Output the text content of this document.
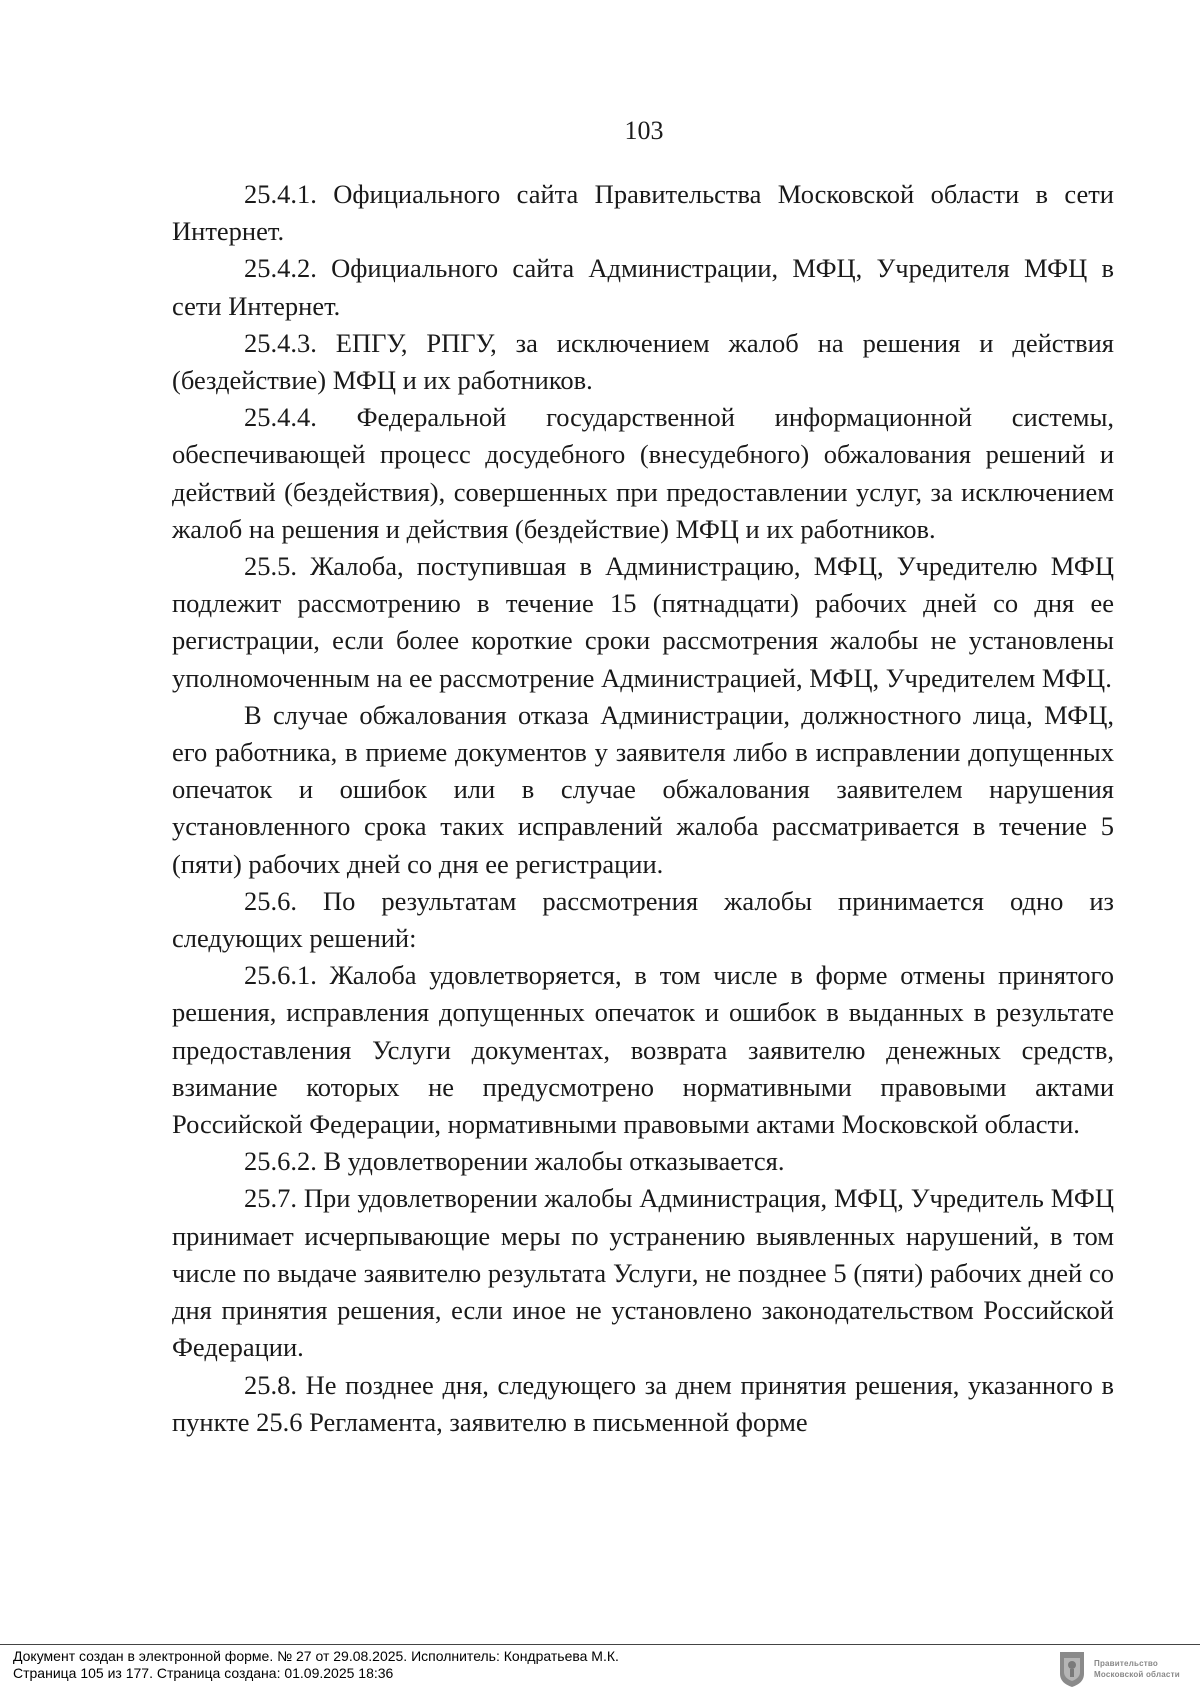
103

25.4.1. Официального сайта Правительства Московской области в сети Интернет.

25.4.2. Официального сайта Администрации, МФЦ, Учредителя МФЦ в сети Интернет.

25.4.3. ЕПГУ, РПГУ, за исключением жалоб на решения и действия (бездействие) МФЦ и их работников.

25.4.4. Федеральной государственной информационной системы, обеспечивающей процесс досудебного (внесудебного) обжалования решений и действий (бездействия), совершенных при предоставлении услуг, за исключением жалоб на решения и действия (бездействие) МФЦ и их работников.

25.5. Жалоба, поступившая в Администрацию, МФЦ, Учредителю МФЦ подлежит рассмотрению в течение 15 (пятнадцати) рабочих дней со дня ее регистрации, если более короткие сроки рассмотрения жалобы не установлены уполномоченным на ее рассмотрение Администрацией, МФЦ, Учредителем МФЦ.

В случае обжалования отказа Администрации, должностного лица, МФЦ, его работника, в приеме документов у заявителя либо в исправлении допущенных опечаток и ошибок или в случае обжалования заявителем нарушения установленного срока таких исправлений жалоба рассматривается в течение 5 (пяти) рабочих дней со дня ее регистрации.

25.6. По результатам рассмотрения жалобы принимается одно из следующих решений:

25.6.1. Жалоба удовлетворяется, в том числе в форме отмены принятого решения, исправления допущенных опечаток и ошибок в выданных в результате предоставления Услуги документах, возврата заявителю денежных средств, взимание которых не предусмотрено нормативными правовыми актами Российской Федерации, нормативными правовыми актами Московской области.

25.6.2. В удовлетворении жалобы отказывается.

25.7. При удовлетворении жалобы Администрация, МФЦ, Учредитель МФЦ принимает исчерпывающие меры по устранению выявленных нарушений, в том числе по выдаче заявителю результата Услуги, не позднее 5 (пяти) рабочих дней со дня принятия решения, если иное не установлено законодательством Российской Федерации.

25.8. Не позднее дня, следующего за днем принятия решения, указанного в пункте 25.6 Регламента, заявителю в письменной форме

Документ создан в электронной форме. № 27 от 29.08.2025. Исполнитель: Кондратьева М.К.
Страница 105 из 177. Страница создана: 01.09.2025 18:36
Правительство
Московской области
